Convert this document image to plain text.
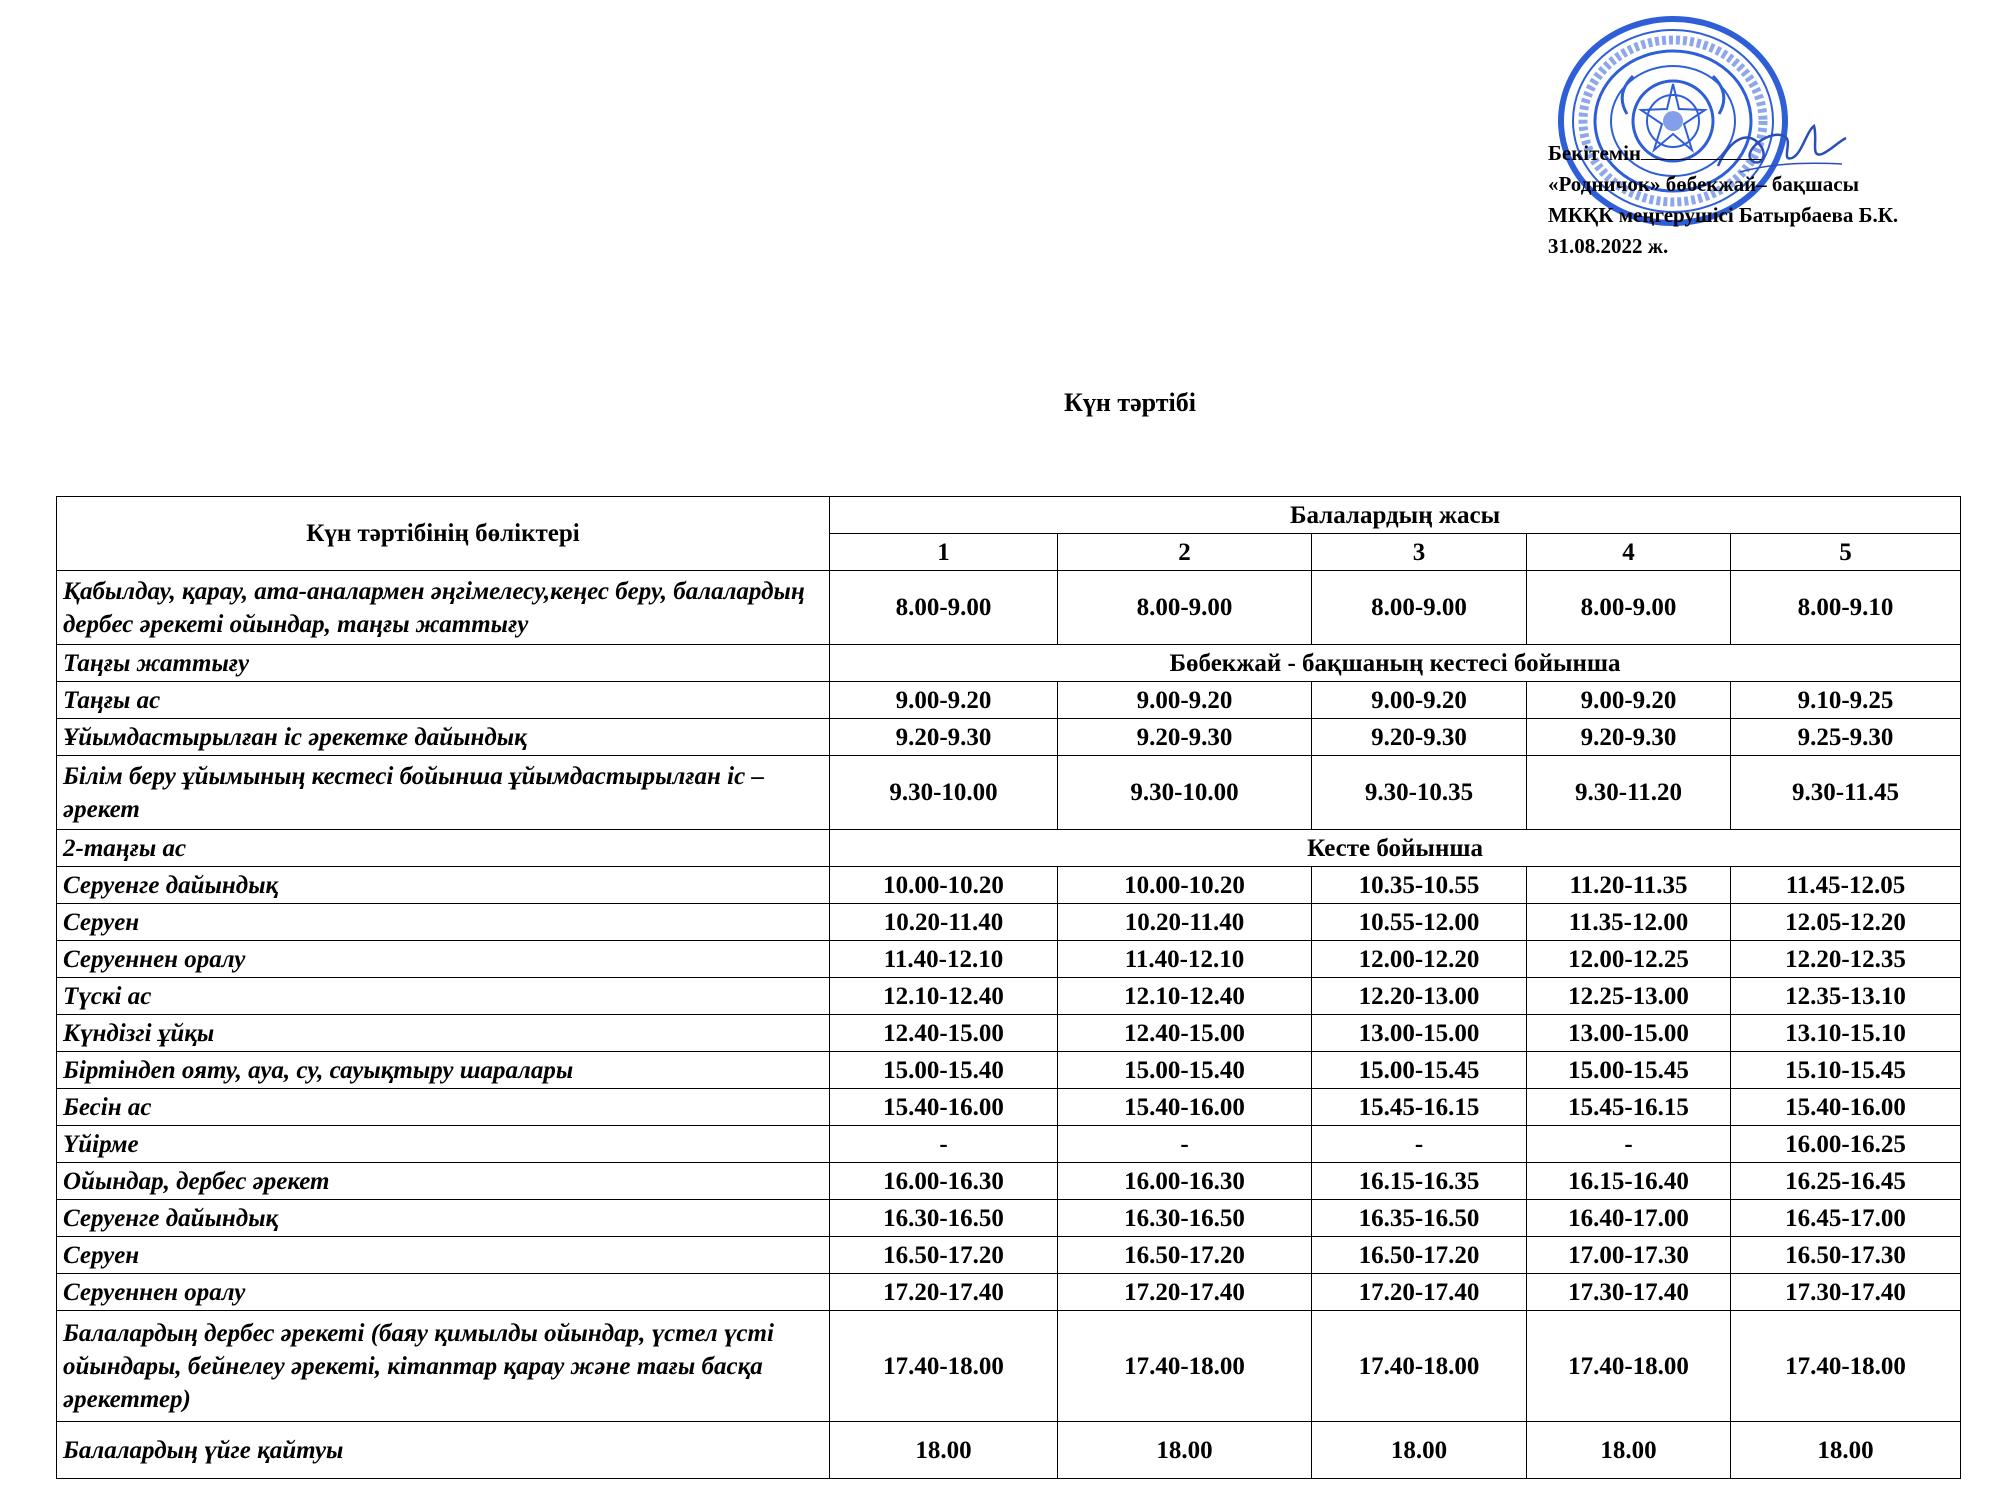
Бекітемін
«Родничок» бөбекжай– бақшасы
МКҚК меңгерушісі Батырбаева Б.К.
31.08.2022 ж.
Күн тәртібі
Күн тәртібінің бөліктері	Балалардың жасы				
	1	2	3	4	5
Қабылдау, қарау, ата-аналармен әңгімелесу,кеңес беру, балалардың дербес әрекеті ойындар, таңғы жаттығу	8.00-9.00	8.00-9.00	8.00-9.00	8.00-9.00	8.00-9.10
Таңғы жаттығу	Бөбекжай - бақшаның кестесі бойынша				
Таңғы ас	9.00-9.20	9.00-9.20	9.00-9.20	9.00-9.20	9.10-9.25
Ұйымдастырылған іс әрекетке дайындық	9.20-9.30	9.20-9.30	9.20-9.30	9.20-9.30	9.25-9.30
Білім беру ұйымының кестесі бойынша ұйымдастырылған іс –әрекет	9.30-10.00	9.30-10.00	9.30-10.35	9.30-11.20	9.30-11.45
2-таңғы ас	Кесте бойынша				
Серуенге дайындық	10.00-10.20	10.00-10.20	10.35-10.55	11.20-11.35	11.45-12.05
Серуен	10.20-11.40	10.20-11.40	10.55-12.00	11.35-12.00	12.05-12.20
Серуеннен оралу	11.40-12.10	11.40-12.10	12.00-12.20	12.00-12.25	12.20-12.35
Түскі ас	12.10-12.40	12.10-12.40	12.20-13.00	12.25-13.00	12.35-13.10
Күндізгі ұйқы	12.40-15.00	12.40-15.00	13.00-15.00	13.00-15.00	13.10-15.10
Біртіндеп ояту, ауа, су, сауықтыру шаралары	15.00-15.40	15.00-15.40	15.00-15.45	15.00-15.45	15.10-15.45
Бесін ас	15.40-16.00	15.40-16.00	15.45-16.15	15.45-16.15	15.40-16.00
Үйірме	-	-	-	-	16.00-16.25
Ойындар, дербес әрекет	16.00-16.30	16.00-16.30	16.15-16.35	16.15-16.40	16.25-16.45
Серуенге дайындық	16.30-16.50	16.30-16.50	16.35-16.50	16.40-17.00	16.45-17.00
Серуен	16.50-17.20	16.50-17.20	16.50-17.20	17.00-17.30	16.50-17.30
Серуеннен оралу	17.20-17.40	17.20-17.40	17.20-17.40	17.30-17.40	17.30-17.40
Балалардың дербес әрекеті (баяу қимылды ойындар, үстел үсті ойындары, бейнелеу әрекеті, кітаптар қарау және тағы басқа әрекеттер)	17.40-18.00	17.40-18.00	17.40-18.00	17.40-18.00	17.40-18.00
Балалардың үйге қайтуы	18.00	18.00	18.00	18.00	18.00
